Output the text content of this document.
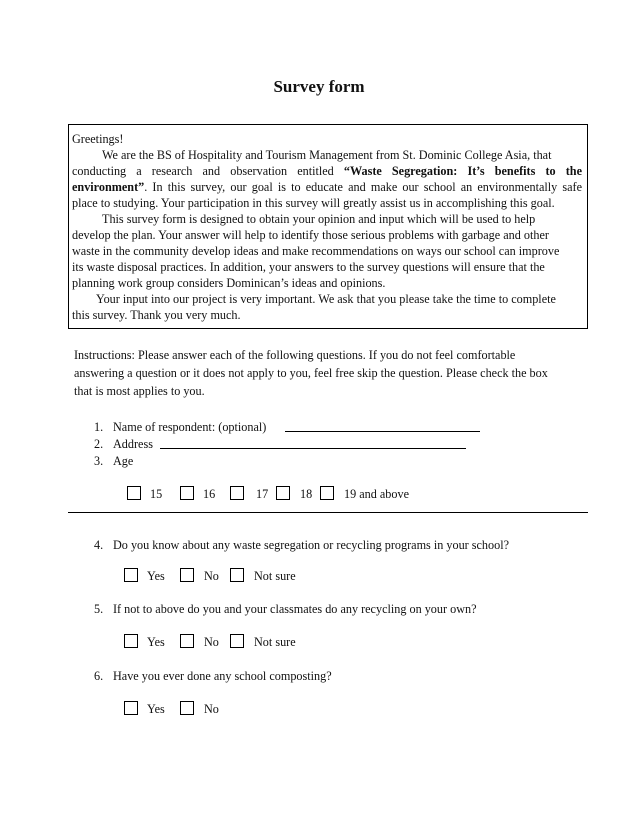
Survey form
Greetings!
We are the BS of Hospitality and Tourism Management from St. Dominic College Asia, that
conducting a research and observation entitled “Waste Segregation: It’s benefits to the
environment”. In this survey, our goal is to educate and make our school an environmentally safe
place to studying. Your participation in this survey will greatly assist us in accomplishing this goal.
This survey form is designed to obtain your opinion and input which will be used to help
develop the plan. Your answer will help to identify those serious problems with garbage and other
waste in the community develop ideas and make recommendations on ways our school can improve
its waste disposal practices. In addition, your answers to the survey questions will ensure that the
planning work group considers Dominican’s ideas and opinions.
Your input into our project is very important. We ask that you please take the time to complete
this survey. Thank you very much.
Instructions: Please answer each of the following questions. If you do not feel comfortable
answering a question or it does not apply to you, feel free skip the question. Please check the box
that is most applies to you.
1. Name of respondent: (optional)
2. Address
3. Age
15	16	17	18	19 and above
4. Do you know about any waste segregation or recycling programs in your school?
Yes	No	Not sure
5. If not to above do you and your classmates do any recycling on your own?
Yes	No	Not sure
6. Have you ever done any school composting?
Yes	No
